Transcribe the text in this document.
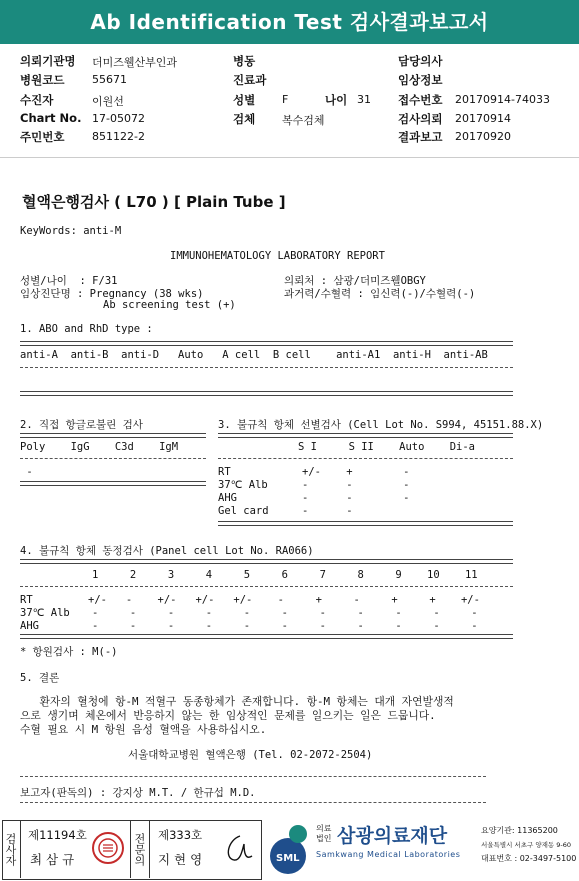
Ab Identification Test 검사결과보고서
의뢰기관명 더미즈웰산부인과
병원코드	55671
수진자	이원선
Chart No. 17-05072
주민번호	851122-2
병동
진료과
성별 F	나이 31
검체 복수검체
담당의사
임상정보
접수번호 20170914-74033
검사의뢰 20170914
결과보고 20170920
혈액은행검사 ( L70 ) [ Plain Tube ]
KeyWords: anti-M
IMMUNOHEMATOLOGY LABORATORY REPORT
성별/나이  : F/31
임상진단명 : Pregnancy (38 wks)
Ab screening test (+)
의뢰처 : 삼광/더미즈웰OBGY
과거력/수혈력 : 임신력(-)/수혈력(-)
1. ABO and RhD type :
anti-A  anti-B  anti-D   Auto   A cell  B cell    anti-A1  anti-H  anti-AB
2. 직접 항글로불린 검사
Poly    IgG    C3d    IgM
-
3. 불규칙 항체 선별검사 (Cell Lot No. S994, 45151.88.X)
S I     S II    Auto    Di-a
RT	+/-    +        -
37℃ Alb	-      -        -
AHG	-      -        -
Gel card	-      -
4. 불규칙 항체 동정검사 (Panel cell Lot No. RA066)
1     2     3     4     5     6     7     8     9    10    11
RT	+/-   -    +/-   +/-   +/-    -     +     -     +     +    +/-
37℃ Alb -     -     -     -     -     -     -     -     -     -     -
AHG	-     -     -     -     -     -     -     -     -     -     -
* 항원검사 : M(-)
5. 결론
환자의 혈청에 항-M 적혈구 동종항체가 존재합니다. 항-M 항체는 대개 자연발생적
으로 생기며 체온에서 반응하지 않는 한 임상적인 문제를 일으키는 일은 드뭅니다.
수혈 필요 시 M 항원 음성 혈액을 사용하십시오.
서울대학교병원 혈액은행 (Tel. 02-2072-2504)
보고자(판독의) : 강지상 M.T. / 한규섭 M.D.
검사자 제11194호
최 삼 규	전문의	제333호
지 현 영	SML
의료
법인 삼광의료재단
Samkwang Medical Laboratories
요양기관: 11365200
서울특별시 서초구 양재동 9-60
대표번호 : 02-3497-5100
